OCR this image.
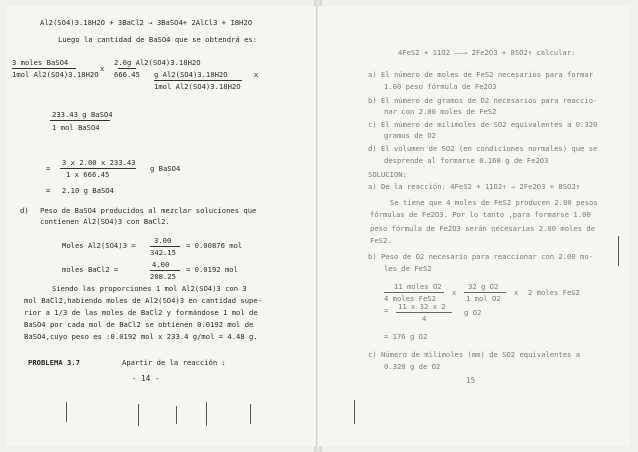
Al2(SO4)3.18H2O + 3BaCl2 → 3BaSO4+ 2AlCl3 + 18H2O
Luego la cantidad de BaSO4 que se obtendrá es:
3 moles BaSO4
1mol Al2(SO4)3.18H2O
x
2.0g Al2(SO4)3.18H2O
666.45 g Al2(SO4)3.18H2O
1mol Al2(SO4)3.18H2O
x
233.43 g BaSO4
1 mol BaSO4
=
3 x 2.00 x 233.43
1 x 666.45
g BaSO4
= 2.10 g BaSO4
d) Peso de BaSO4 producidos al mezclar soluciones que
contienen Al2(SO4)3 con BaCl2.
Moles Al2(SO4)3 =
3.00
342.15
= 0.00876 mol
moles BaCl2 =
4.00
208.25
= 0.0192 mol
Siendo las proporciones 1 mol Al2(SO4)3 con 3
mol BaCl2,habiendo moles de Al2(SO4)3 en cantidad supe-
rior a 1/3 de las moles de BaCl2 y formándose 1 mol de
BaSO4 por cada mol de BaCl2 se obtienen 0.0192 mol de
BaSO4,cuyo peso es :0.0192 mol x 233.4 g/mol = 4.48 g.
PROBLEMA 3.7	Apartir de la reacción :
- 14 -
4FeS2 + 11O2 ——→ 2Fe2O3 + 8SO2↑ calcular:
a) El número de moles de FeS2 necesarios para formar
1.00 peso fórmula de Fe2O3
b) El número de gramos de O2 necesarios para reaccio-
nar con 2.00 moles de FeS2
c) El número de milimoles de SO2 equivalentes a 0.320
gramos de O2
d) El volumen de SO2 (en condiciones normales) que se
desprende al formarse 0.160 g de Fe2O3
SOLUCION:
a) De la reacción: 4FeS2 + 11O2↑ → 2Fe2O3 + 8SO2↑
Se tiene que 4 moles de FeS2 producen 2.00 pesos
fórmulas de Fe2O3. Por lo tanto ,para formarse 1.00
peso formula de Fe2O3 serán necesarias 2.00 moles de
FeS2.
b) Peso de O2 necesario para reaccionar con 2.00 mo-
les de FeS2
11 moles O2
4 moles FeS2
x
32 g O2
1 mol O2
x 2 moles FeS2
= 11 x 32 x 2
4
g O2
= 176 g O2
c) Número de milimoles (mm) de SO2 equivalentes a
0.320 g de O2
15
